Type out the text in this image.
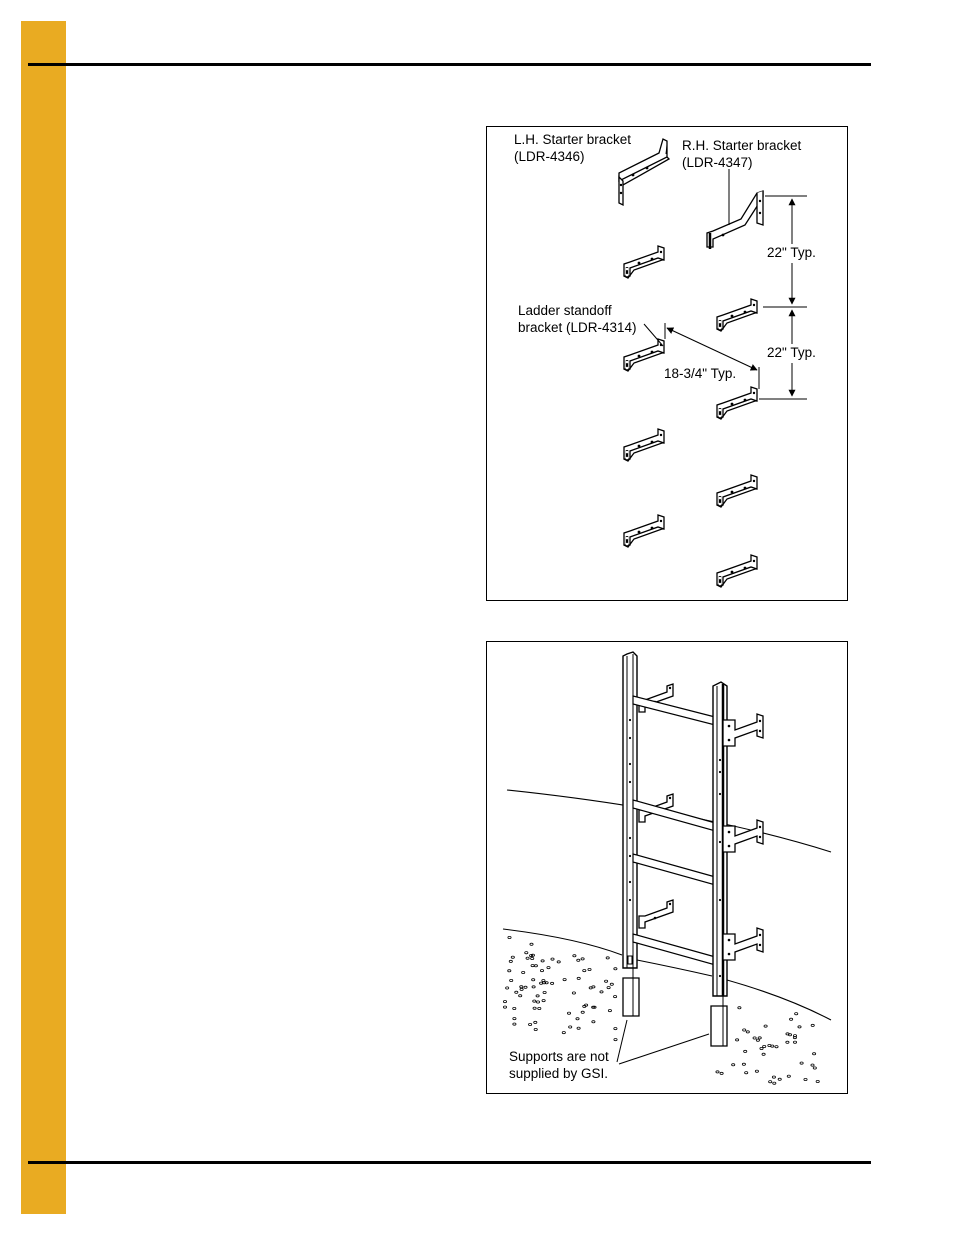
L.H. Starter bracket
(LDR-4346)
R.H. Starter bracket
(LDR-4347)
22" Typ.
22" Typ.
Ladder standoff
bracket (LDR-4314)
18-3/4" Typ.
Supports are not
supplied by GSI.
